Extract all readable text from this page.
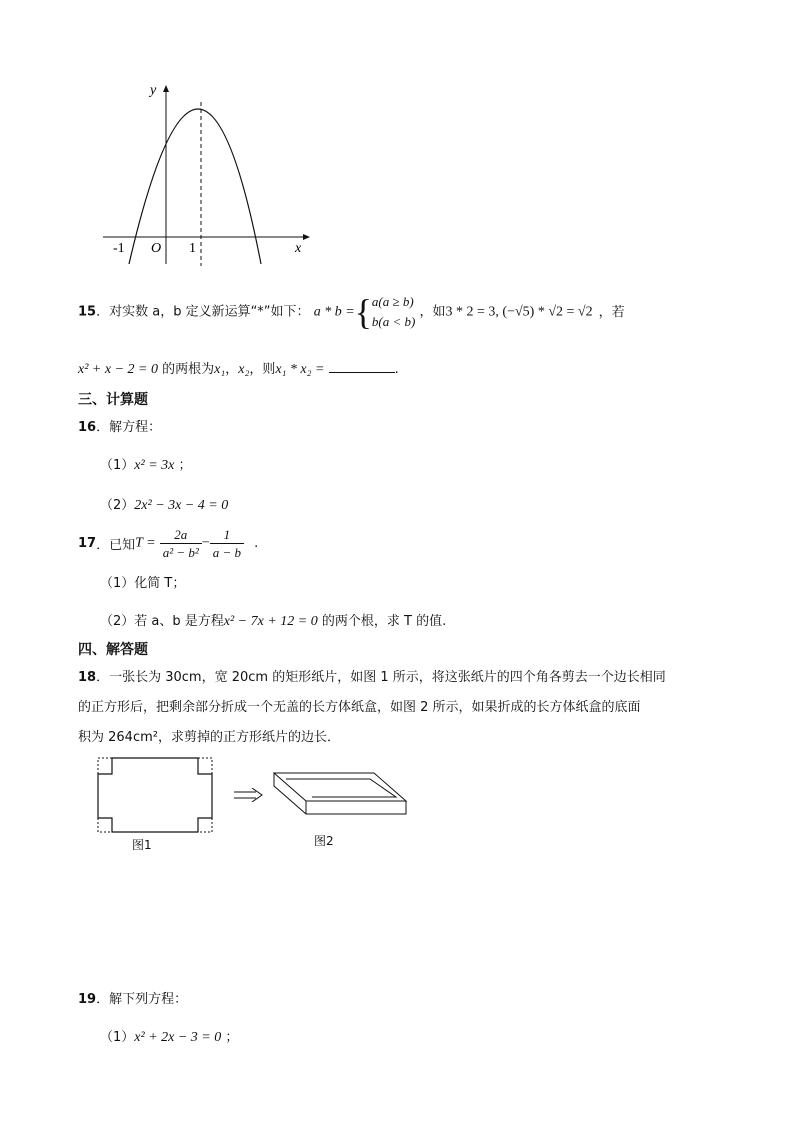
y
x
-1 O 1
15．对实数 a，b 定义新运算“*”如下： a * b ={ a(a ≥ b)
b(a < b)
，如3 * 2 = 3, (−√5) * √2 = √2 ，若
x² + x − 2 = 0 的两根为x₁，x₂，则x₁ * x₂ =	.
三、计算题
16．解方程：
（1）x² = 3x ；
（2）2x² − 3x − 4 = 0
17．已知$T = \frac{2a}{\text{a² − b²}} - \frac{1}{a - b}$ .
（1）化简 T；
（2）若 a、b 是方程x² − 7x + 12 = 0 的两个根，求 T 的值.
四、解答题
18．一张长为 30cm，宽 20cm 的矩形纸片，如图 1 所示，将这张纸片的四个角各剪去一个边长相同
的正方形后，把剩余部分折成一个无盖的长方体纸盒，如图 2 所示，如果折成的长方体纸盒的底面
积为 264cm²，求剪掉的正方形纸片的边长．
图1	图2
19．解下列方程：
（1）x² + 2x − 3 = 0 ；
